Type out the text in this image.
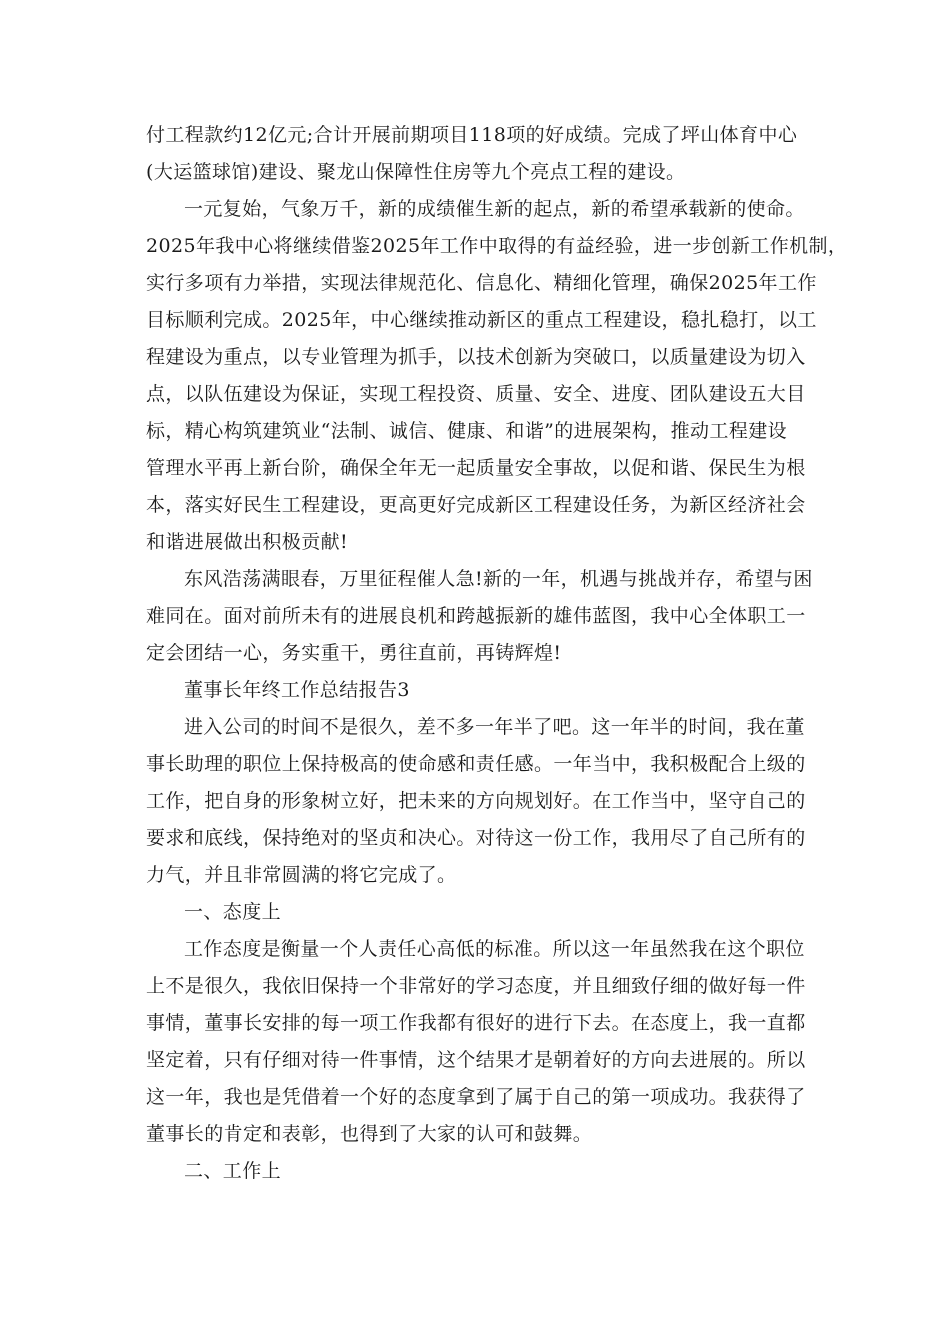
付工程款约12亿元;合计开展前期项目118项的好成绩。完成了坪山体育中心
(大运篮球馆)建设、聚龙山保障性住房等九个亮点工程的建设。
一元复始，气象万千，新的成绩催生新的起点，新的希望承载新的使命。
2025年我中心将继续借鉴2025年工作中取得的有益经验，进一步创新工作机制，
实行多项有力举措，实现法律规范化、信息化、精细化管理，确保2025年工作
目标顺利完成。2025年，中心继续推动新区的重点工程建设，稳扎稳打，以工
程建设为重点，以专业管理为抓手，以技术创新为突破口，以质量建设为切入
点，以队伍建设为保证，实现工程投资、质量、安全、进度、团队建设五大目
标，精心构筑建筑业“法制、诚信、健康、和谐”的进展架构，推动工程建设
管理水平再上新台阶，确保全年无一起质量安全事故，以促和谐、保民生为根
本，落实好民生工程建设，更高更好完成新区工程建设任务，为新区经济社会
和谐进展做出积极贡献!
东风浩荡满眼春，万里征程催人急!新的一年，机遇与挑战并存，希望与困
难同在。面对前所未有的进展良机和跨越振新的雄伟蓝图，我中心全体职工一
定会团结一心，务实重干，勇往直前，再铸辉煌!
董事长年终工作总结报告3
进入公司的时间不是很久，差不多一年半了吧。这一年半的时间，我在董
事长助理的职位上保持极高的使命感和责任感。一年当中，我积极配合上级的
工作，把自身的形象树立好，把未来的方向规划好。在工作当中，坚守自己的
要求和底线，保持绝对的坚贞和决心。对待这一份工作，我用尽了自己所有的
力气，并且非常圆满的将它完成了。
一、态度上
工作态度是衡量一个人责任心高低的标准。所以这一年虽然我在这个职位
上不是很久，我依旧保持一个非常好的学习态度，并且细致仔细的做好每一件
事情，董事长安排的每一项工作我都有很好的进行下去。在态度上，我一直都
坚定着，只有仔细对待一件事情，这个结果才是朝着好的方向去进展的。所以
这一年，我也是凭借着一个好的态度拿到了属于自己的第一项成功。我获得了
董事长的肯定和表彰，也得到了大家的认可和鼓舞。
二、工作上
